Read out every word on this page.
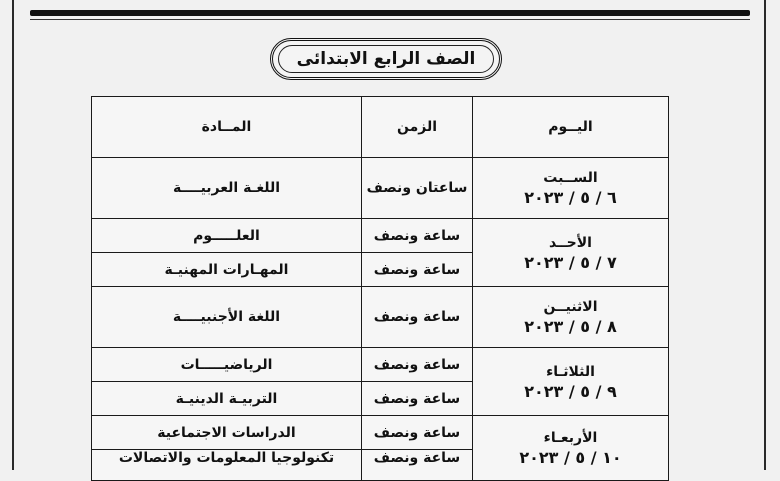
الصف الرابع الابتدائى
اليــوم	الزمن	المــادة

الســبت
٦ / ٥ / ٢٠٢٣	ساعتان ونصف	اللغـة العربيــــة

الأحــد
٧ / ٥ / ٢٠٢٣	ساعة ونصف	العلـــــوم
	ساعة ونصف	المهـارات المهنيـة

الاثنيــن
٨ / ٥ / ٢٠٢٣	ساعة ونصف	اللغة الأجنبيــــة

الثلاثـاء
٩ / ٥ / ٢٠٢٣	ساعة ونصف	الرياضيـــــات
	ساعة ونصف	التربيـة الدينيـة

الأربعـاء
١٠ / ٥ / ٢٠٢٣	ساعة ونصف	الدراسات الاجتماعية
	ساعة ونصف	تكنولوجيا المعلومات والاتصالات
